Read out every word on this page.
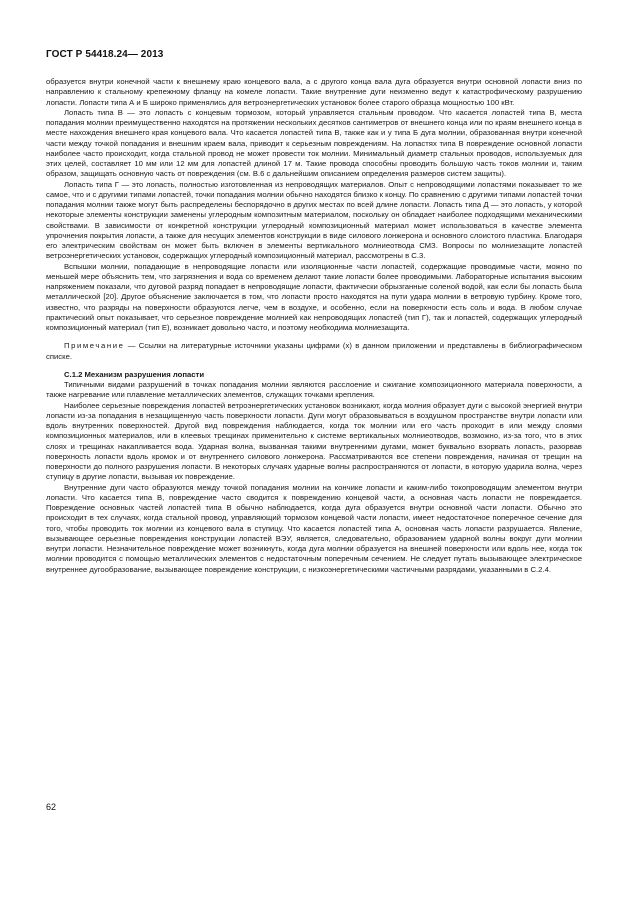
ГОСТ Р 54418.24— 2013

образуется внутри конечной части к внешнему краю концевого вала, а с другого конца вала дуга образуется внутри основной лопасти вниз по направлению к стальному крепежному фланцу на комеле лопасти. Такие внутренние дуги неизменно ведут к катастрофическому разрушению лопасти. Лопасти типа А и Б широко применялись для ветроэнергетических установок более старого образца мощностью 100 кВт.

Лопасть типа В — это лопасть с концевым тормозом, который управляется стальным проводом. Что касается лопастей типа В, места попадания молнии преимущественно находятся на протяжении нескольких десятков сантиметров от внешнего конца или по краям внешнего конца в месте нахождения внешнего края концевого вала. Что касается лопастей типа В, также как и у типа Б дуга молнии, образованная внутри конечной части между точкой попадания и внешним краем вала, приводит к серьезным повреждениям. На лопастях типа В повреждение основной лопасти наиболее часто происходит, когда стальной провод не может провести ток молнии. Минимальный диаметр стальных проводов, используемых для этих целей, составляет 10 мм или 12 мм для лопастей длиной 17 м. Такие провода способны проводить большую часть токов молнии и, таким образом, защищать основную часть от повреждения (см. В.6 с дальнейшим описанием определения размеров систем защиты).

Лопасть типа Г — это лопасть, полностью изготовленная из непроводящих материалов. Опыт с непроводящими лопастями показывает то же самое, что и с другими типами лопастей, точки попадания молнии обычно находятся близко к концу. По сравнению с другими типами лопастей точки попадания молнии также могут быть распределены беспорядочно в других местах по всей длине лопасти. Лопасть типа Д — это лопасть, у которой некоторые элементы конструкции заменены углеродным композитным материалом, поскольку он обладает наиболее подходящими механическими свойствами. В зависимости от конкретной конструкции углеродный композиционный материал может использоваться в качестве элемента упрочнения покрытия лопасти, а также для несущих элементов конструкции в виде силового лонжерона и основного слоистого пластика. Благодаря его электрическим свойствам он может быть включен в элементы вертикального молниеотвода СМЗ. Вопросы по молниезащите лопастей ветроэнергетических установок, содержащих углеродный композиционный материал, рассмотрены в С.3.

Вспышки молнии, попадающие в непроводящие лопасти или изоляционные части лопастей, содержащие проводимые части, можно по меньшей мере объяснить тем, что загрязнения и вода со временем делают такие лопасти более проводимыми. Лабораторные испытания высоким напряжением показали, что дуговой разряд попадает в непроводящие лопасти, фактически обрызганные соленой водой, как если бы лопасть была металлической [20]. Другое объяснение заключается в том, что лопасти просто находятся на пути удара молнии в ветровую турбину. Кроме того, известно, что разряды на поверхности образуются легче, чем в воздухе, и особенно, если на поверхности есть соль и вода. В любом случае практический опыт показывает, что серьезное повреждение молнией как непроводящих лопастей (тип Г), так и лопастей, содержащих углеродный композиционный материал (тип Е), возникает довольно часто, и поэтому необходима молниезащита.

Примечание — Ссылки на литературные источники указаны цифрами (x) в данном приложении и представлены в библиографическом списке.

С.1.2 Механизм разрушения лопасти

Типичными видами разрушений в точках попадания молнии являются расслоение и сжигание композиционного материала поверхности, а также нагревание или плавление металлических элементов, служащих точками крепления.

Наиболее серьезные повреждения лопастей ветроэнергетических установок возникают, когда молния образует дуги с высокой энергией внутри лопасти из-за попадания в незащищенную часть поверхности лопасти. Дуги могут образовываться в воздушном пространстве внутри лопасти или вдоль внутренних поверхностей. Другой вид повреждения наблюдается, когда ток молнии или его часть проходит в или между слоями композиционных материалов, или в клеевых трещинах применительно к системе вертикальных молниеотводов, возможно, из-за того, что в этих слоях и трещинах накапливается вода. Ударная волна, вызванная такими внутренними дугами, может буквально взорвать лопасть, разорвав поверхность лопасти вдоль кромок и от внутреннего силового лонжерона. Рассматриваются все степени повреждения, начиная от трещин на поверхности до полного разрушения лопасти. В некоторых случаях ударные волны распространяются от лопасти, в которую ударила волна, через ступицу в другие лопасти, вызывая их повреждение.

Внутренние дуги часто образуются между точкой попадания молнии на кончике лопасти и каким-либо токопроводящим элементом внутри лопасти. Что касается типа В, повреждение часто сводится к повреждению концевой части, а основная часть лопасти не повреждается. Повреждение основных частей лопастей типа В обычно наблюдается, когда дуга образуется внутри основной части лопасти. Обычно это происходит в тех случаях, когда стальной провод, управляющий тормозом концевой части лопасти, имеет недостаточное поперечное сечение для того, чтобы проводить ток молнии из концевого вала в ступицу. Что касается лопастей типа А, основная часть лопасти разрушается. Явление, вызывающее серьезные повреждения конструкции лопастей ВЭУ, является, следовательно, образованием ударной волны вокруг дуги молнии внутри лопасти. Незначительное повреждение может возникнуть, когда дуга молнии образуется на внешней поверхности или вдоль нее, когда ток молнии проводится с помощью металлических элементов с недостаточным поперечным сечением. Не следует путать вызывающее электрическое внутреннее дугообразование, вызывающее повреждение конструкции, с низкоэнергетическими частичными разрядами, указанными в С.2.4.

62
